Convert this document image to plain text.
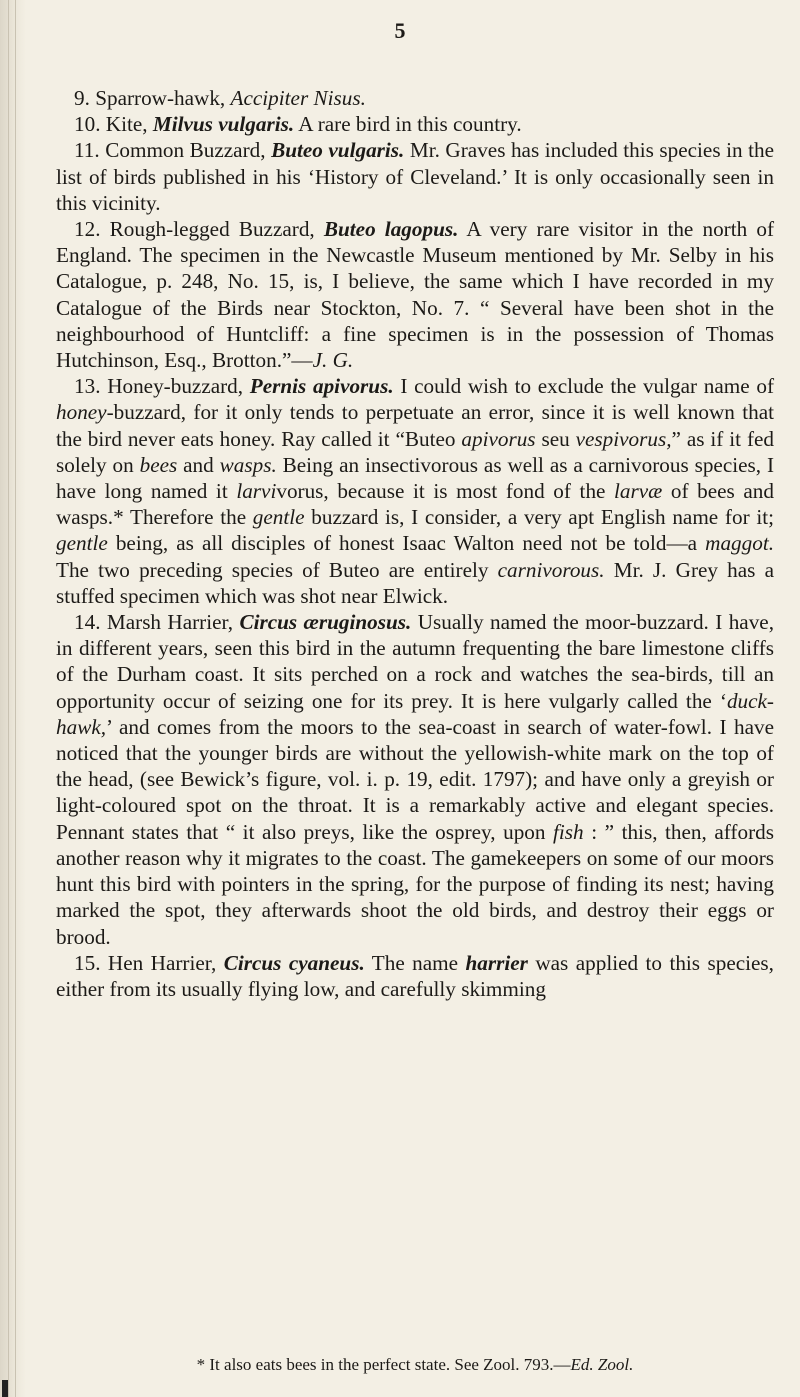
5

9. Sparrow-hawk, Accipiter Nisus.

10. Kite, Milvus vulgaris. A rare bird in this country.

11. Common Buzzard, Buteo vulgaris. Mr. Graves has included this species in the list of birds published in his ‘History of Cleveland.’ It is only occasionally seen in this vicinity.

12. Rough-legged Buzzard, Buteo lagopus. A very rare visitor in the north of England. The specimen in the Newcastle Museum mentioned by Mr. Selby in his Catalogue, p. 248, No. 15, is, I believe, the same which I have recorded in my Catalogue of the Birds near Stockton, No. 7. “ Several have been shot in the neighbourhood of Huntcliff: a fine specimen is in the possession of Thomas Hutchinson, Esq., Brotton.”—J. G.

13. Honey-buzzard, Pernis apivorus. I could wish to exclude the vulgar name of honey-buzzard, for it only tends to perpetuate an error, since it is well known that the bird never eats honey. Ray called it “Buteo apivorus seu vespivorus,” as if it fed solely on bees and wasps. Being an insectivorous as well as a carnivorous species, I have long named it larvivorus, because it is most fond of the larvæ of bees and wasps.* Therefore the gentle buzzard is, I consider, a very apt English name for it; gentle being, as all disciples of honest Isaac Walton need not be told—a maggot. The two preceding species of Buteo are entirely carnivorous. Mr. J. Grey has a stuffed specimen which was shot near Elwick.

14. Marsh Harrier, Circus æruginosus. Usually named the moor-buzzard. I have, in different years, seen this bird in the autumn frequenting the bare limestone cliffs of the Durham coast. It sits perched on a rock and watches the sea-birds, till an opportunity occur of seizing one for its prey. It is here vulgarly called the ‘duck-hawk,’ and comes from the moors to the sea-coast in search of water-fowl. I have noticed that the younger birds are without the yellowish-white mark on the top of the head, (see Bewick’s figure, vol. i. p. 19, edit. 1797); and have only a greyish or light-coloured spot on the throat. It is a remarkably active and elegant species. Pennant states that “ it also preys, like the osprey, upon fish : ” this, then, affords another reason why it migrates to the coast. The gamekeepers on some of our moors hunt this bird with pointers in the spring, for the purpose of finding its nest; having marked the spot, they afterwards shoot the old birds, and destroy their eggs or brood.

15. Hen Harrier, Circus cyaneus. The name harrier was applied to this species, either from its usually flying low, and carefully skimming

* It also eats bees in the perfect state. See Zool. 793.—Ed. Zool.
